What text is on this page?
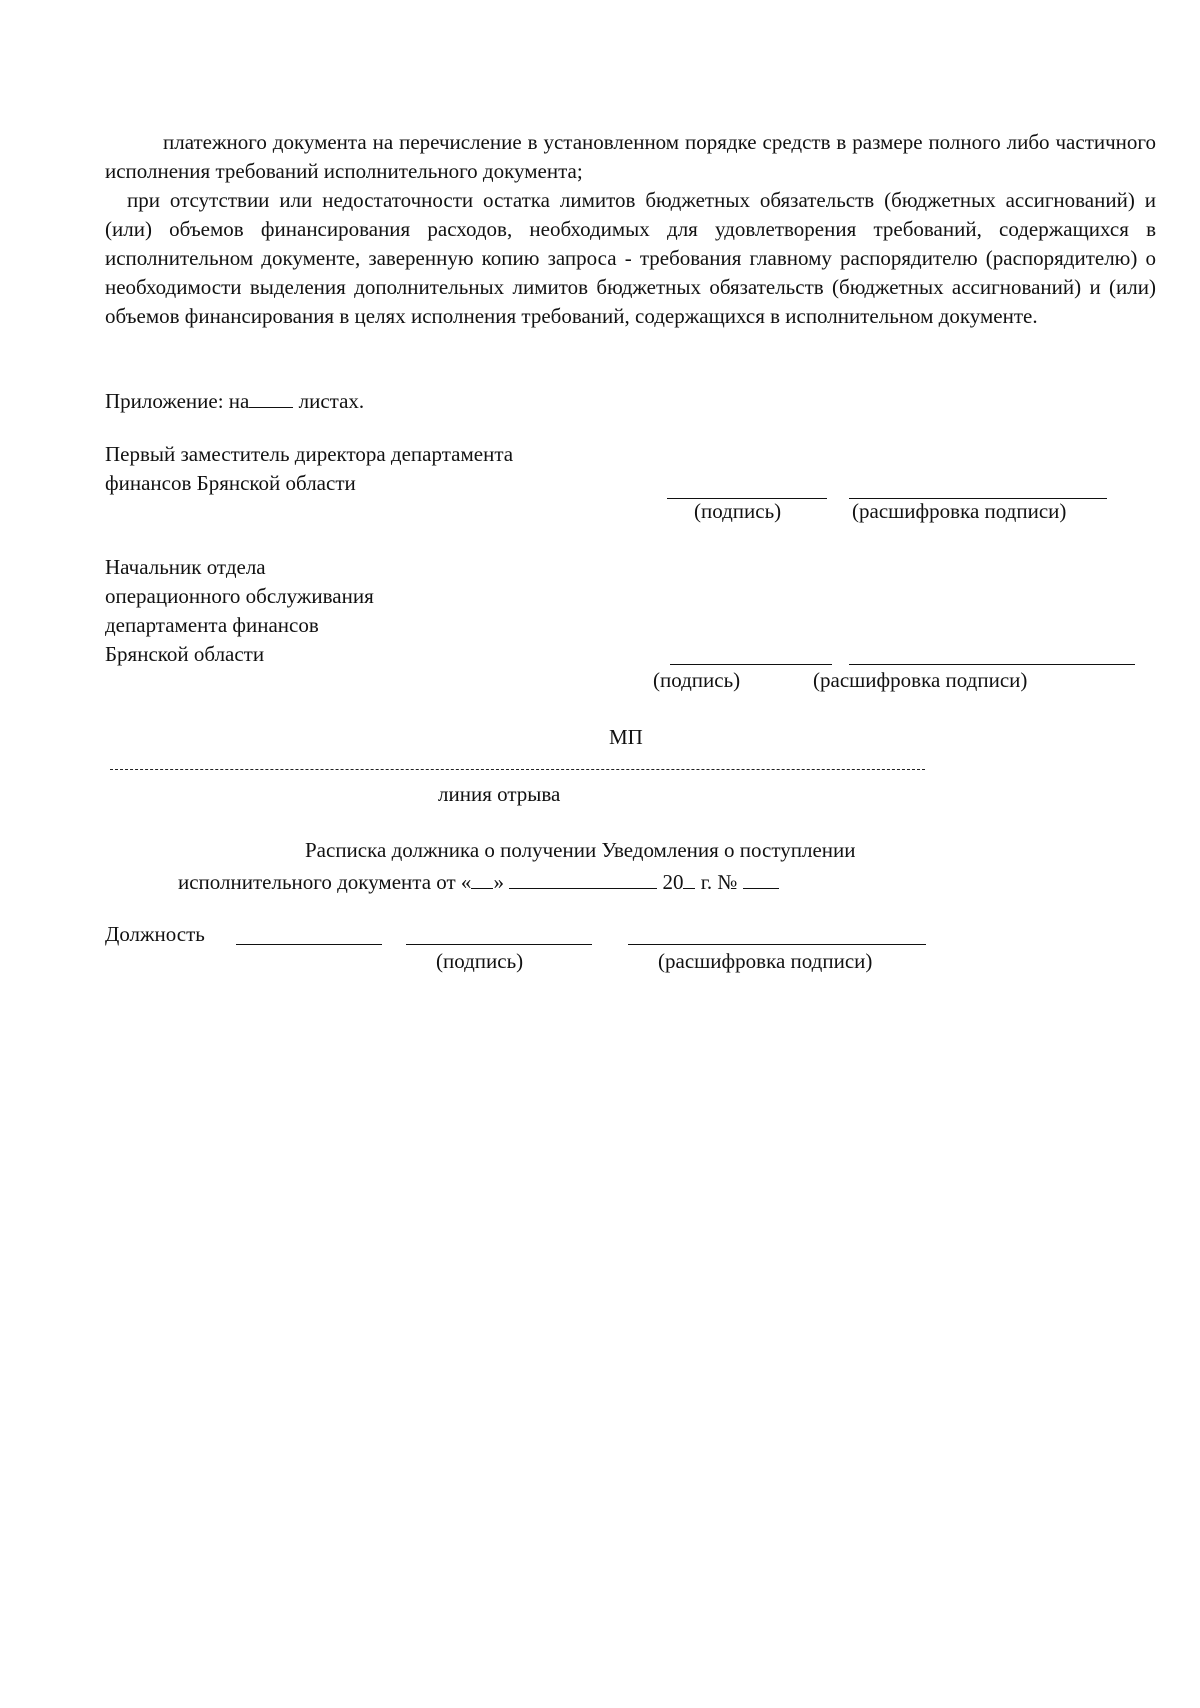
платежного документа на перечисление в установленном порядке средств в размере полного либо частичного исполнения требований исполнительного документа;

при отсутствии или недостаточности остатка лимитов бюджетных обязательств (бюджетных ассигнований) и (или) объемов финансирования расходов, необходимых для удовлетворения требований, содержащихся в исполнительном документе, заверенную копию запроса - требования главному распорядителю (распорядителю) о необходимости выделения дополнительных лимитов бюджетных обязательств (бюджетных ассигнований) и (или) объемов финансирования в целях исполнения требований, содержащихся в исполнительном документе.

Приложение: на листах.
Первый заместитель директора департамента
финансов Брянской области
(подпись)	(расшифровка подписи)
Начальник отдела
операционного обслуживания
департамента финансов
Брянской области
(подпись)	(расшифровка подписи)
МП
линия отрыва
Расписка должника о получении Уведомления о поступлении
исполнительного документа от « »	20 г. №
Должность
(подпись)	(расшифровка подписи)
